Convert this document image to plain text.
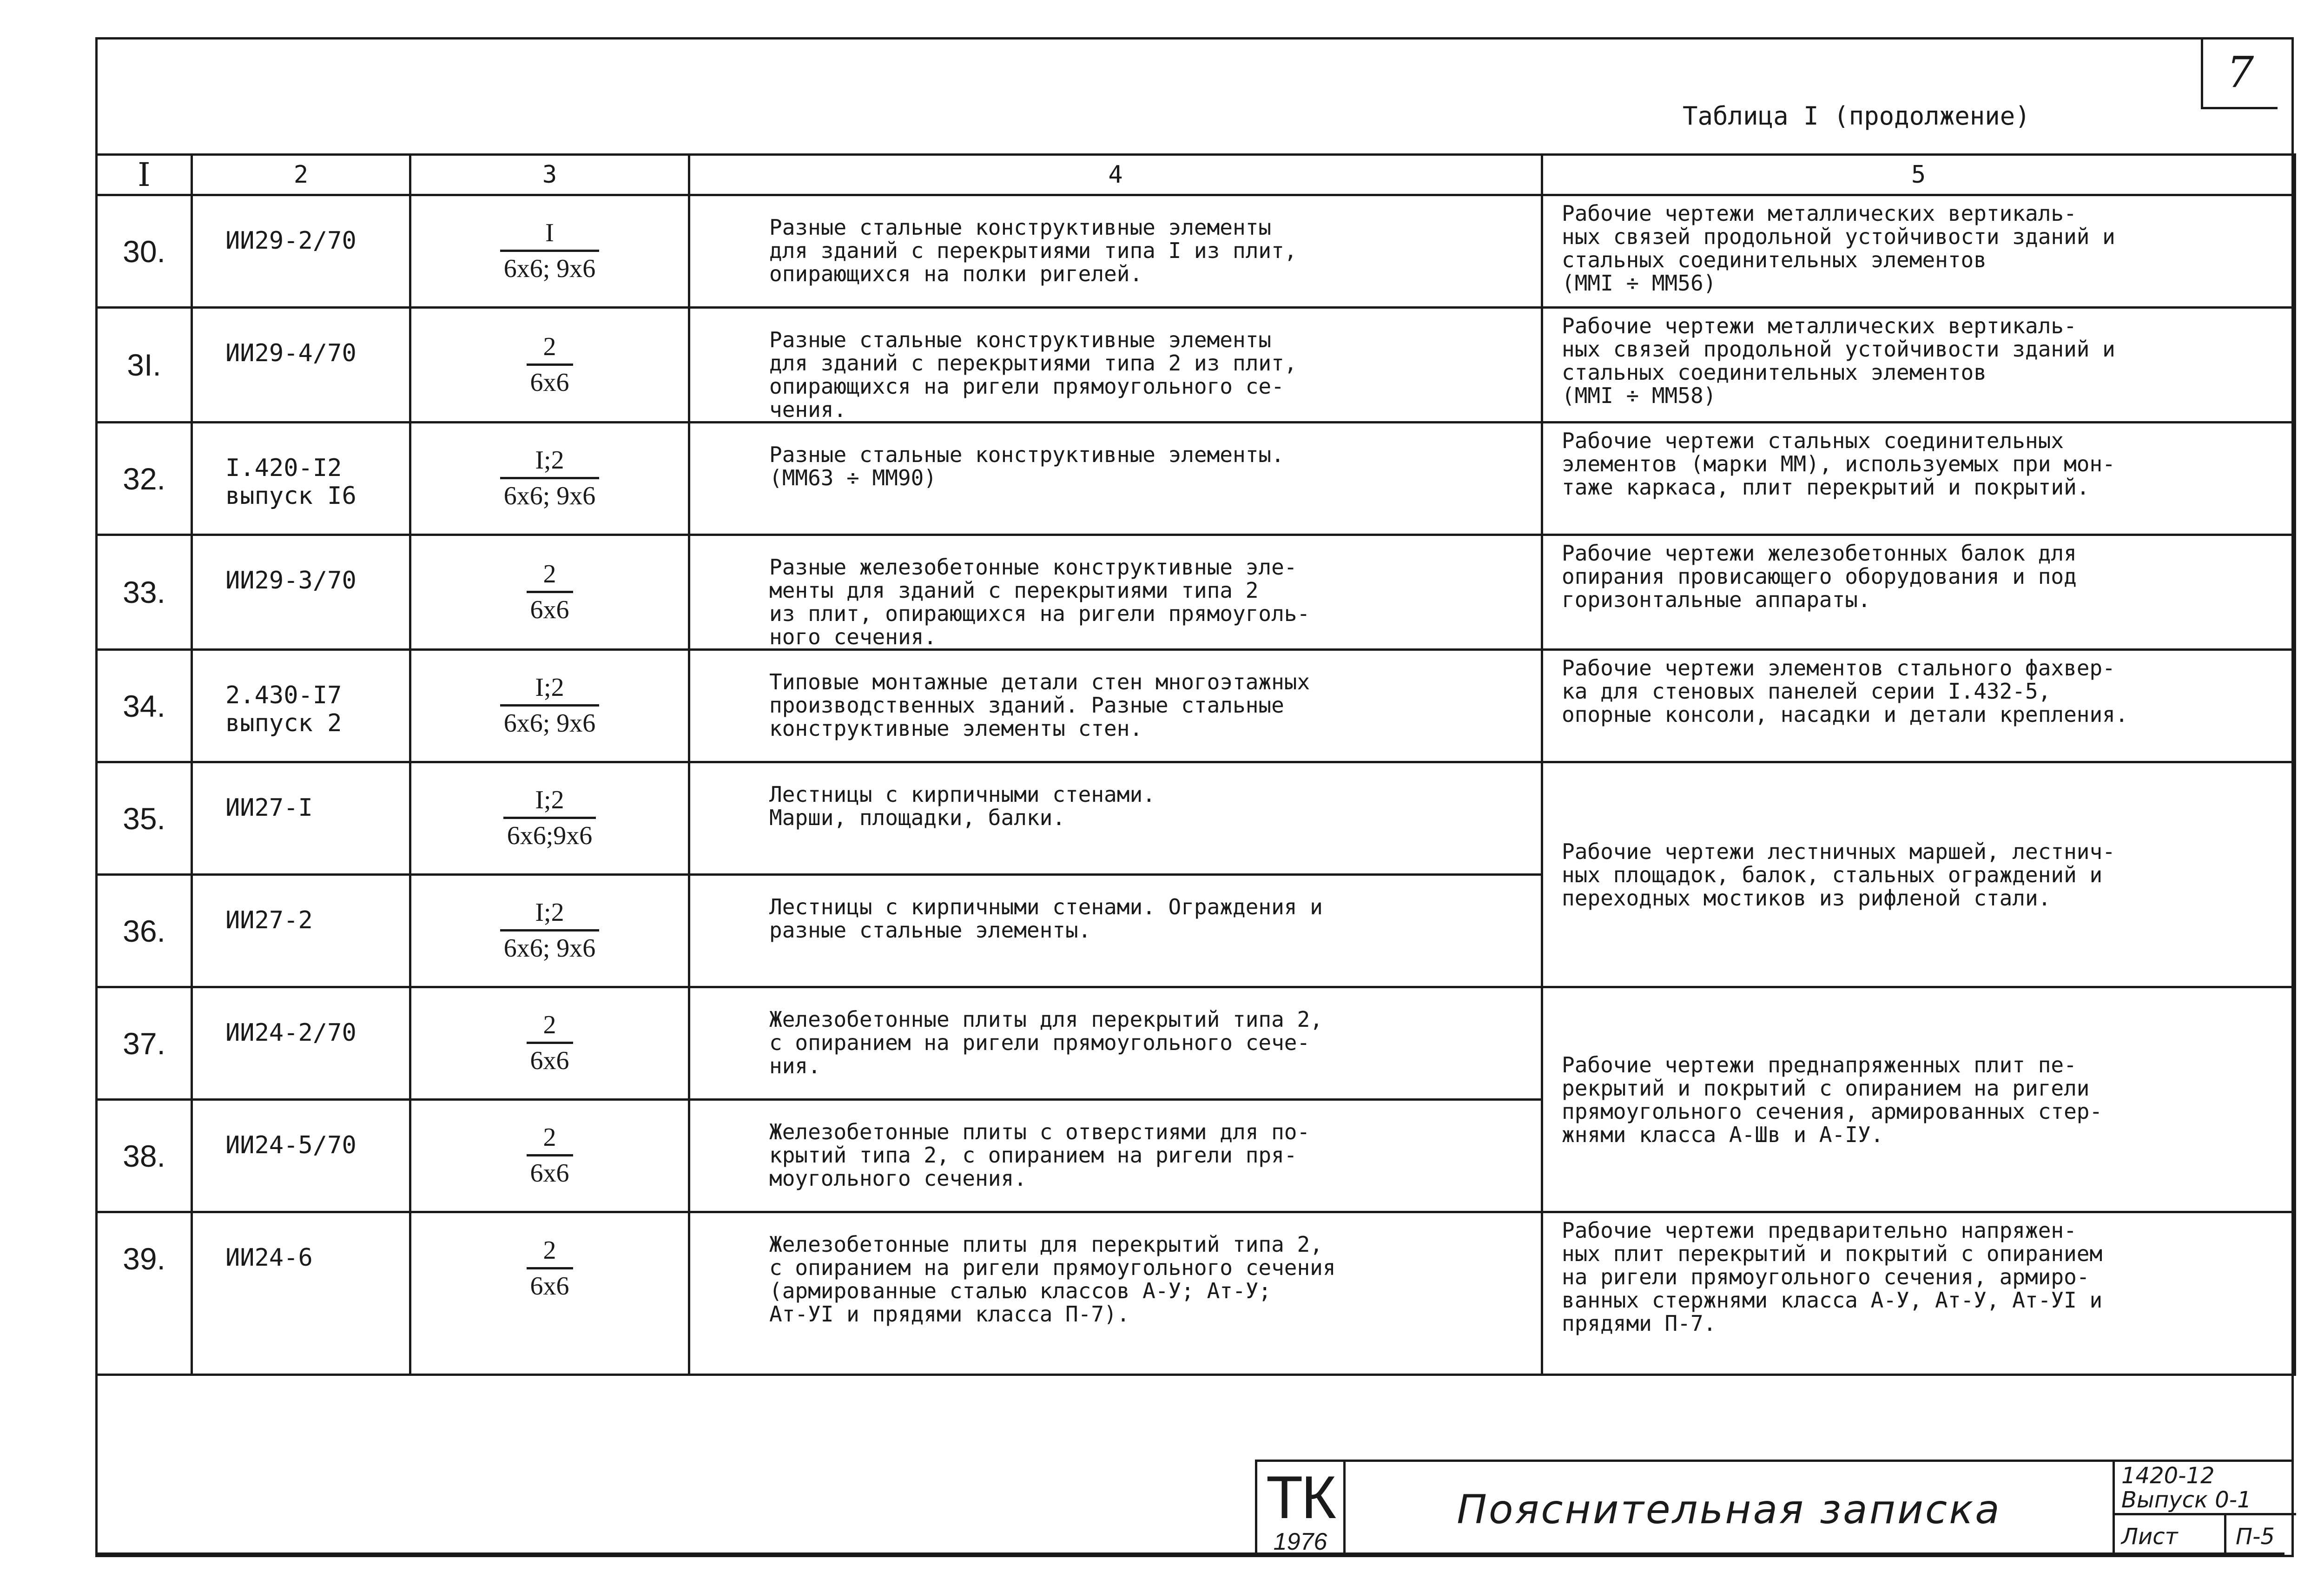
7
Таблица I (продолжение)
I	2	3	4	5
30.	ИИ29-2/70	I
6x6; 9x6	Разные стальные конструктивные элементы
для зданий с перекрытиями типа I из плит,
опирающихся на полки ригелей.	Рабочие чертежи металлических вертикаль-
ных связей продольной устойчивости зданий и
стальных соединительных элементов
(ММI ÷ ММ56)
3I.	ИИ29-4/70	2
6x6	Разные стальные конструктивные элементы
для зданий с перекрытиями типа 2 из плит,
опирающихся на ригели прямоугольного се-
чения.	Рабочие чертежи металлических вертикаль-
ных связей продольной устойчивости зданий и
стальных соединительных элементов
(ММI ÷ ММ58)
32.	I.420-I2
выпуск I6	I;2
6x6; 9x6	Разные стальные конструктивные элементы.
(ММ63 ÷ ММ90)	Рабочие чертежи стальных соединительных
элементов (марки ММ), используемых при мон-
таже каркаса, плит перекрытий и покрытий.
33.	ИИ29-3/70	2
6x6	Разные железобетонные конструктивные эле-
менты для зданий с перекрытиями типа 2
из плит, опирающихся на ригели прямоуголь-
ного сечения.	Рабочие чертежи железобетонных балок для
опирания провисающего оборудования и под
горизонтальные аппараты.
34.	2.430-I7
выпуск 2	I;2
6x6; 9x6	Типовые монтажные детали стен многоэтажных
производственных зданий. Разные стальные
конструктивные элементы стен.	Рабочие чертежи элементов стального фахвер-
ка для стеновых панелей серии I.432-5,
опорные консоли, насадки и детали крепления.
35.	ИИ27-I	I;2
6x6;9x6	Лестницы с кирпичными стенами.
Марши, площадки, балки.	Рабочие чертежи лестничных маршей, лестнич-
ных площадок, балок, стальных ограждений и
переходных мостиков из рифленой стали.
36.	ИИ27-2	I;2
6x6; 9x6	Лестницы с кирпичными стенами. Ограждения и
разные стальные элементы.	
37.	ИИ24-2/70	2
6x6	Железобетонные плиты для перекрытий типа 2,
с опиранием на ригели прямоугольного сече-
ния.	Рабочие чертежи преднапряженных плит пе-
рекрытий и покрытий с опиранием на ригели
прямоугольного сечения, армированных стер-
жнями класса А-Шв и А-IУ.
38.	ИИ24-5/70	2
6x6	Железобетонные плиты с отверстиями для по-
крытий типа 2, с опиранием на ригели пря-
моугольного сечения.	
39.	ИИ24-6	2
6x6	Железобетонные плиты для перекрытий типа 2,
с опиранием на ригели прямоугольного сечения
(армированные сталью классов А-У; Ат-У;
Ат-УI и прядями класса П-7).	Рабочие чертежи предварительно напряжен-
ных плит перекрытий и покрытий с опиранием
на ригели прямоугольного сечения, армиро-
ванных стержнями класса А-У, Ат-У, Ат-УI и
прядями П-7.
ТК
1976
Пояснительная записка
1420-12
Выпуск 0-1
Лист	П-5
